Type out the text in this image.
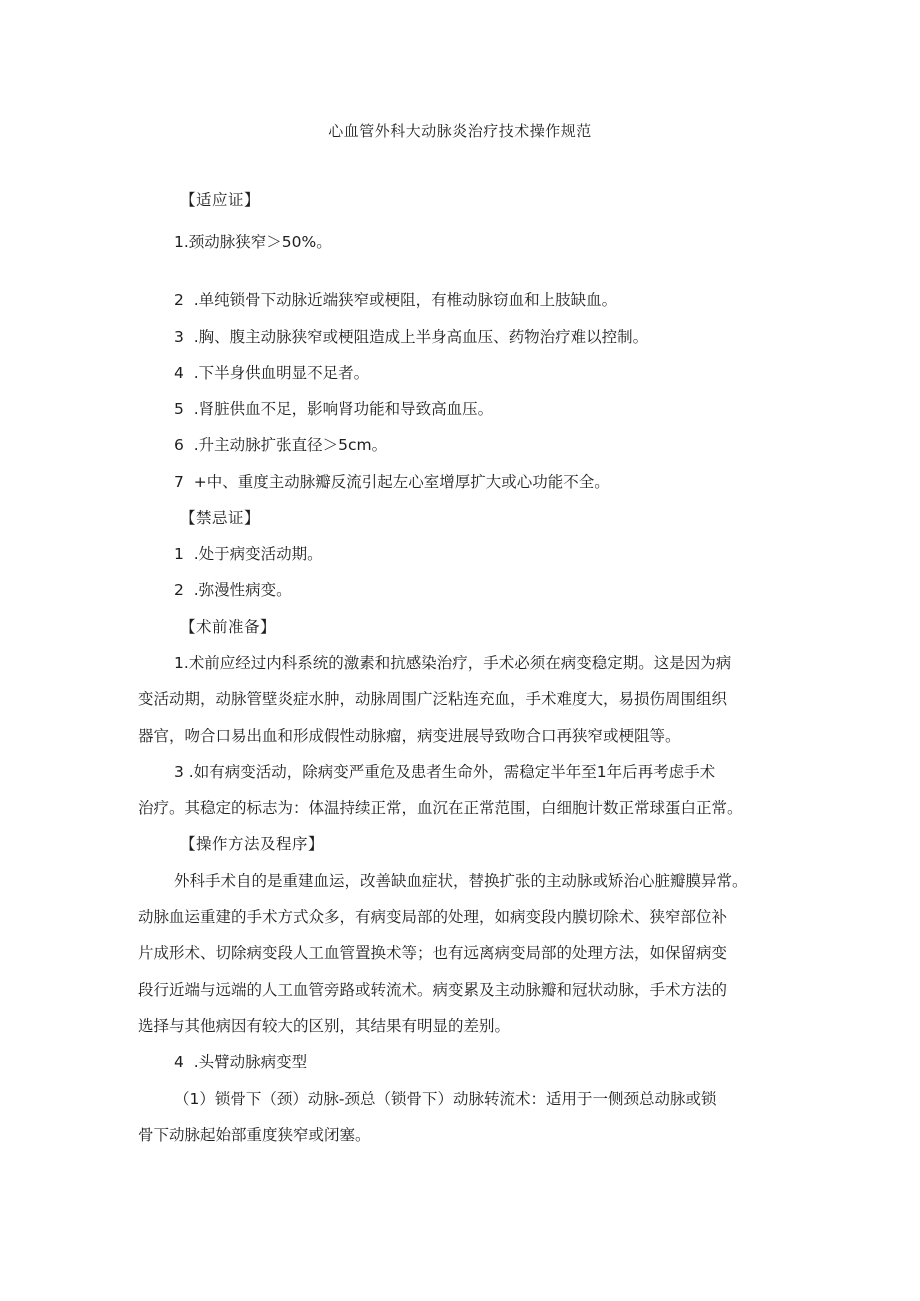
心血管外科大动脉炎治疗技术操作规范
【适应证】
1.颈动脉狭窄＞50%。
2  .单纯锁骨下动脉近端狭窄或梗阻，有椎动脉窃血和上肢缺血。
3  .胸、腹主动脉狭窄或梗阻造成上半身高血压、药物治疗难以控制。
4  .下半身供血明显不足者。
5  .肾脏供血不足，影响肾功能和导致高血压。
6  .升主动脉扩张直径＞5cm。
7  +中、重度主动脉瓣反流引起左心室增厚扩大或心功能不全。
【禁忌证】
1  .处于病变活动期。
2  .弥漫性病变。
【术前准备】
1.术前应经过内科系统的激素和抗感染治疗，手术必须在病变稳定期。这是因为病
变活动期，动脉管壁炎症水肿，动脉周围广泛粘连充血，手术难度大，易损伤周围组织
器官，吻合口易出血和形成假性动脉瘤，病变进展导致吻合口再狭窄或梗阻等。
3 .如有病变活动，除病变严重危及患者生命外，需稳定半年至1年后再考虑手术
治疗。其稳定的标志为：体温持续正常，血沉在正常范围，白细胞计数正常球蛋白正常。
【操作方法及程序】
外科手术自的是重建血运，改善缺血症状，替换扩张的主动脉或矫治心脏瓣膜异常。
动脉血运重建的手术方式众多，有病变局部的处理，如病变段内膜切除术、狭窄部位补
片成形术、切除病变段人工血管置换术等；也有远离病变局部的处理方法，如保留病变
段行近端与远端的人工血管旁路或转流术。病变累及主动脉瓣和冠状动脉，手术方法的
选择与其他病因有较大的区别，其结果有明显的差别。
4  .头臂动脉病变型
（1）锁骨下（颈）动脉-颈总（锁骨下）动脉转流术：适用于一侧颈总动脉或锁
骨下动脉起始部重度狭窄或闭塞。
